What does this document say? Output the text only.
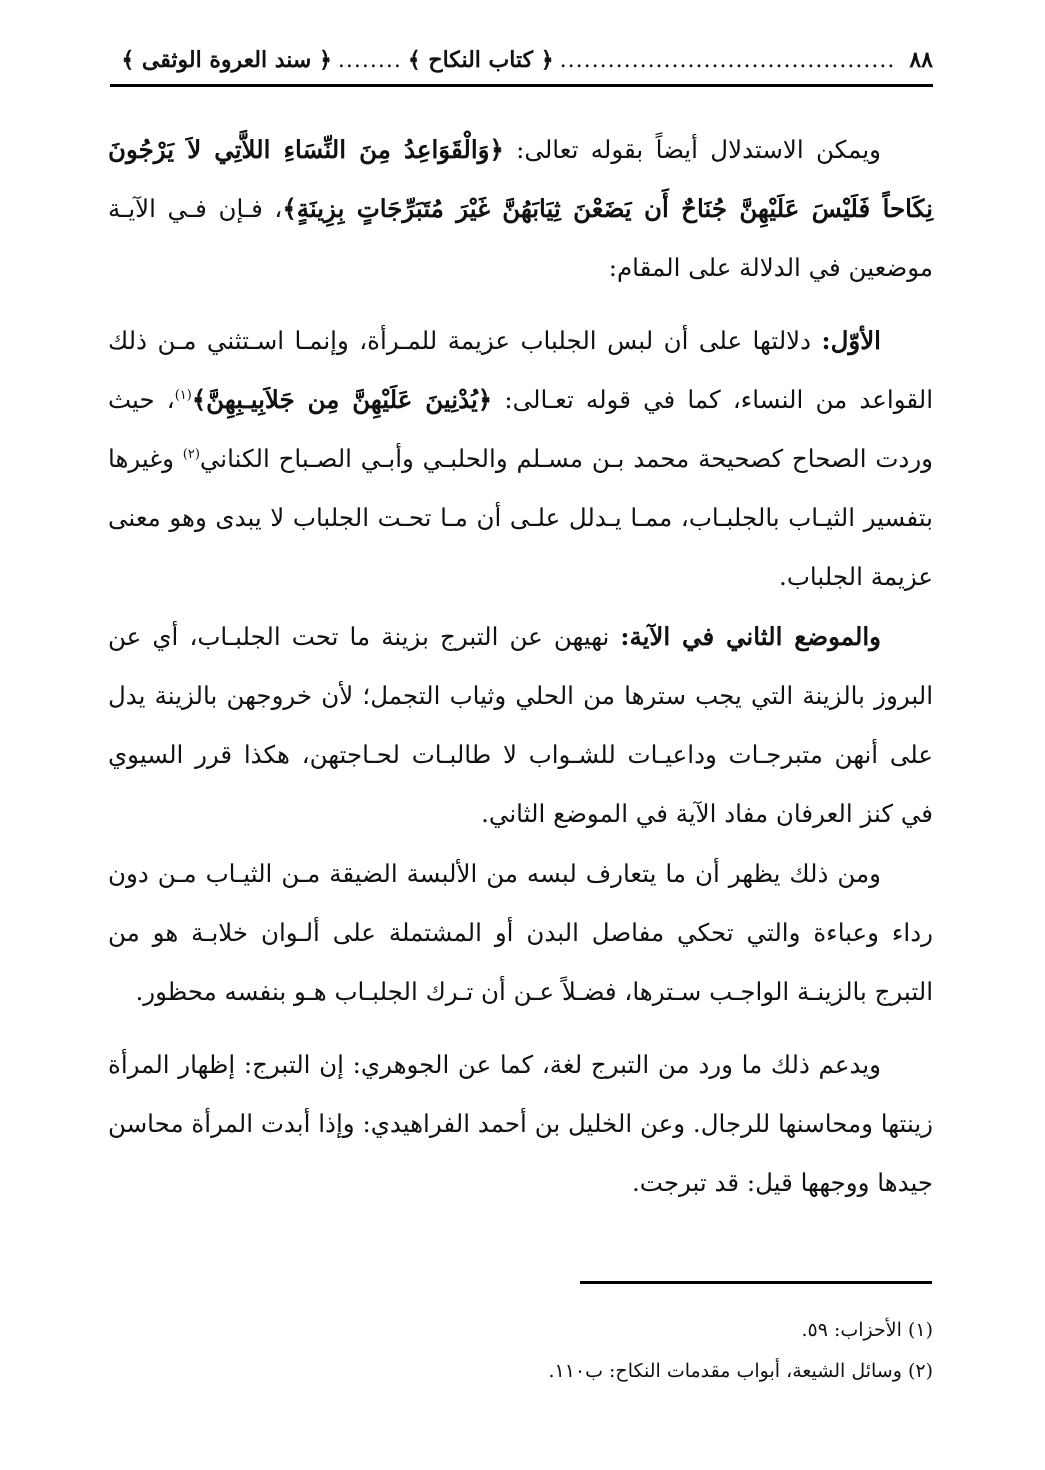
٨٨
..........................................
﴿ كتاب النكاح ﴾
........
﴿ سند العروة الوثقى ﴾

ويمكن الاستدلال أيضاً بقوله تعالى: ﴿وَالْقَوَاعِدُ مِنَ النِّسَاءِ اللاَّتِي لاَ يَرْجُونَ نِكَاحاً فَلَيْسَ عَلَيْهِنَّ جُنَاحٌ أَن يَضَعْنَ ثِيَابَهُنَّ غَيْرَ مُتَبَرِّجَاتٍ بِزِينَةٍ﴾، فـإن فـي الآيـة موضعين في الدلالة على المقام:

الأوّل: دلالتها على أن لبس الجلباب عزيمة للمـرأة، وإنمـا اسـتثني مـن ذلك القواعد من النساء، كما في قوله تعـالى: ﴿يُدْنِينَ عَلَيْهِنَّ مِن جَلاَبِيـبِهِنَّ﴾$^{(١)}$، حيث وردت الصحاح كصحيحة محمد بـن مسـلم والحلبـي وأبـي الصـباح الكناني$^{(٢)}$ وغيرها بتفسير الثيـاب بالجلبـاب، ممـا يـدلل علـى أن مـا تحـت الجلباب لا يبدى وهو معنى عزيمة الجلباب.

والموضع الثاني في الآية: نهيهن عن التبرج بزينة ما تحت الجلبـاب، أي عن البروز بالزينة التي يجب سترها من الحلي وثياب التجمل؛ لأن خروجهن بالزينة يدل على أنهن متبرجـات وداعيـات للشـواب لا طالبـات لحـاجتهن، هكذا قرر السيوي في كنز العرفان مفاد الآية في الموضع الثاني.

ومن ذلك يظهر أن ما يتعارف لبسه من الألبسة الضيقة مـن الثيـاب مـن دون رداء وعباءة والتي تحكي مفاصل البدن أو المشتملة على ألـوان خلابـة هو من التبرج بالزينـة الواجـب سـترها، فضـلاً عـن أن تـرك الجلبـاب هـو بنفسه محظور.

ويدعم ذلك ما ورد من التبرج لغة، كما عن الجوهري: إن التبرج: إظهار المرأة زينتها ومحاسنها للرجال. وعن الخليل بن أحمد الفراهيدي: وإذا أبدت المرأة محاسن جيدها ووجهها قيل: قد تبرجت.

(١) الأحزاب: ٥٩.
(٢) وسائل الشيعة، أبواب مقدمات النكاح: ب١١٠.
